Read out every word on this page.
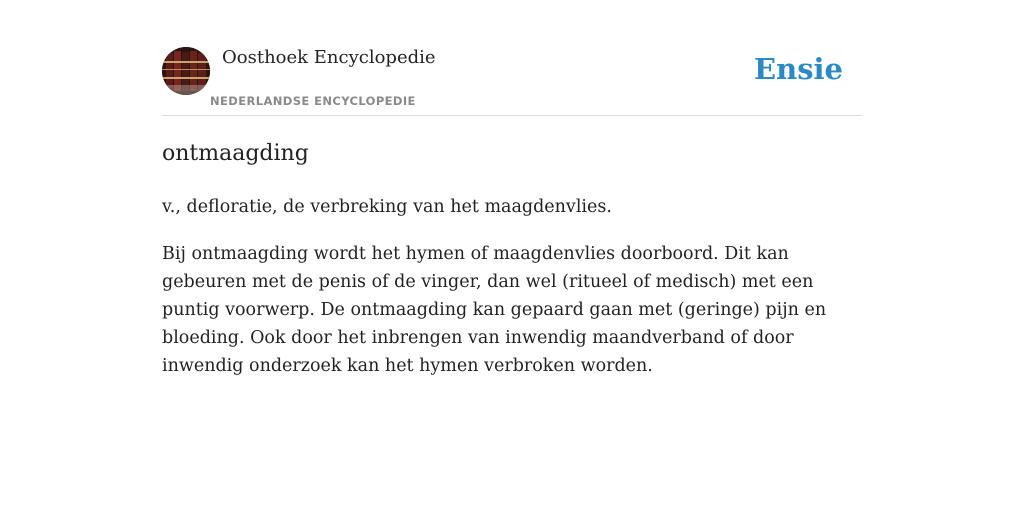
Oosthoek Encyclopedie
NEDERLANDSE ENCYCLOPEDIE
Ensie
ontmaagding

v., defloratie, de verbreking van het maagdenvlies.

Bij ontmaagding wordt het hymen of maagdenvlies doorboord. Dit kan gebeuren met de penis of de vinger, dan wel (ritueel of medisch) met een puntig voorwerp. De ontmaagding kan gepaard gaan met (geringe) pijn en bloeding. Ook door het inbrengen van inwendig maandverband of door inwendig onderzoek kan het hymen verbroken worden.
